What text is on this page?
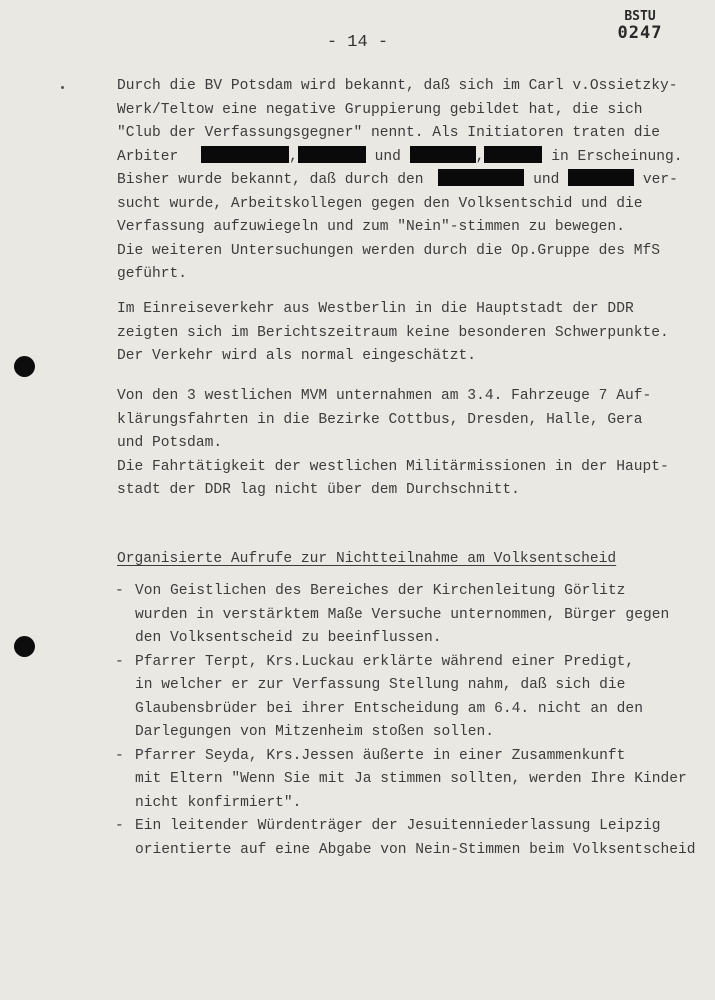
BSTU
0247
- 14 -
Durch die BV Potsdam wird bekannt, daß sich im Carl v.Ossietzky-
Werk/Teltow eine negative Gruppierung gebildet hat, die sich
"Club der Verfassungsgegner" nennt. Als Initiatoren traten die
Arbiter	,	und	,	in Erscheinung.
Bisher wurde bekannt, daß durch den	und	ver-
sucht wurde, Arbeitskollegen gegen den Volksentschid und die
Verfassung aufzuwiegeln und zum "Nein"-stimmen zu bewegen.
Die weiteren Untersuchungen werden durch die Op.Gruppe des MfS
geführt.
Im Einreiseverkehr aus Westberlin in die Hauptstadt der DDR
zeigten sich im Berichtszeitraum keine besonderen Schwerpunkte.
Der Verkehr wird als normal eingeschätzt.
Von den 3 westlichen MVM unternahmen am 3.4. Fahrzeuge 7 Auf-
klärungsfahrten in die Bezirke Cottbus, Dresden, Halle, Gera
und Potsdam.
Die Fahrtätigkeit der westlichen Militärmissionen in der Haupt-
stadt der DDR lag nicht über dem Durchschnitt.
Organisierte Aufrufe zur Nichtteilnahme am Volksentscheid
- Von Geistlichen des Bereiches der Kirchenleitung Görlitz
wurden in verstärktem Maße Versuche unternommen, Bürger gegen
den Volksentscheid zu beeinflussen.
- Pfarrer Terpt, Krs.Luckau erklärte während einer Predigt,
in welcher er zur Verfassung Stellung nahm, daß sich die
Glaubensbrüder bei ihrer Entscheidung am 6.4. nicht an den
Darlegungen von Mitzenheim stoßen sollen.
- Pfarrer Seyda, Krs.Jessen äußerte in einer Zusammenkunft
mit Eltern "Wenn Sie mit Ja stimmen sollten, werden Ihre Kinder
nicht konfirmiert".
- Ein leitender Würdenträger der Jesuitenniederlassung Leipzig
orientierte auf eine Abgabe von Nein-Stimmen beim Volksentscheid
